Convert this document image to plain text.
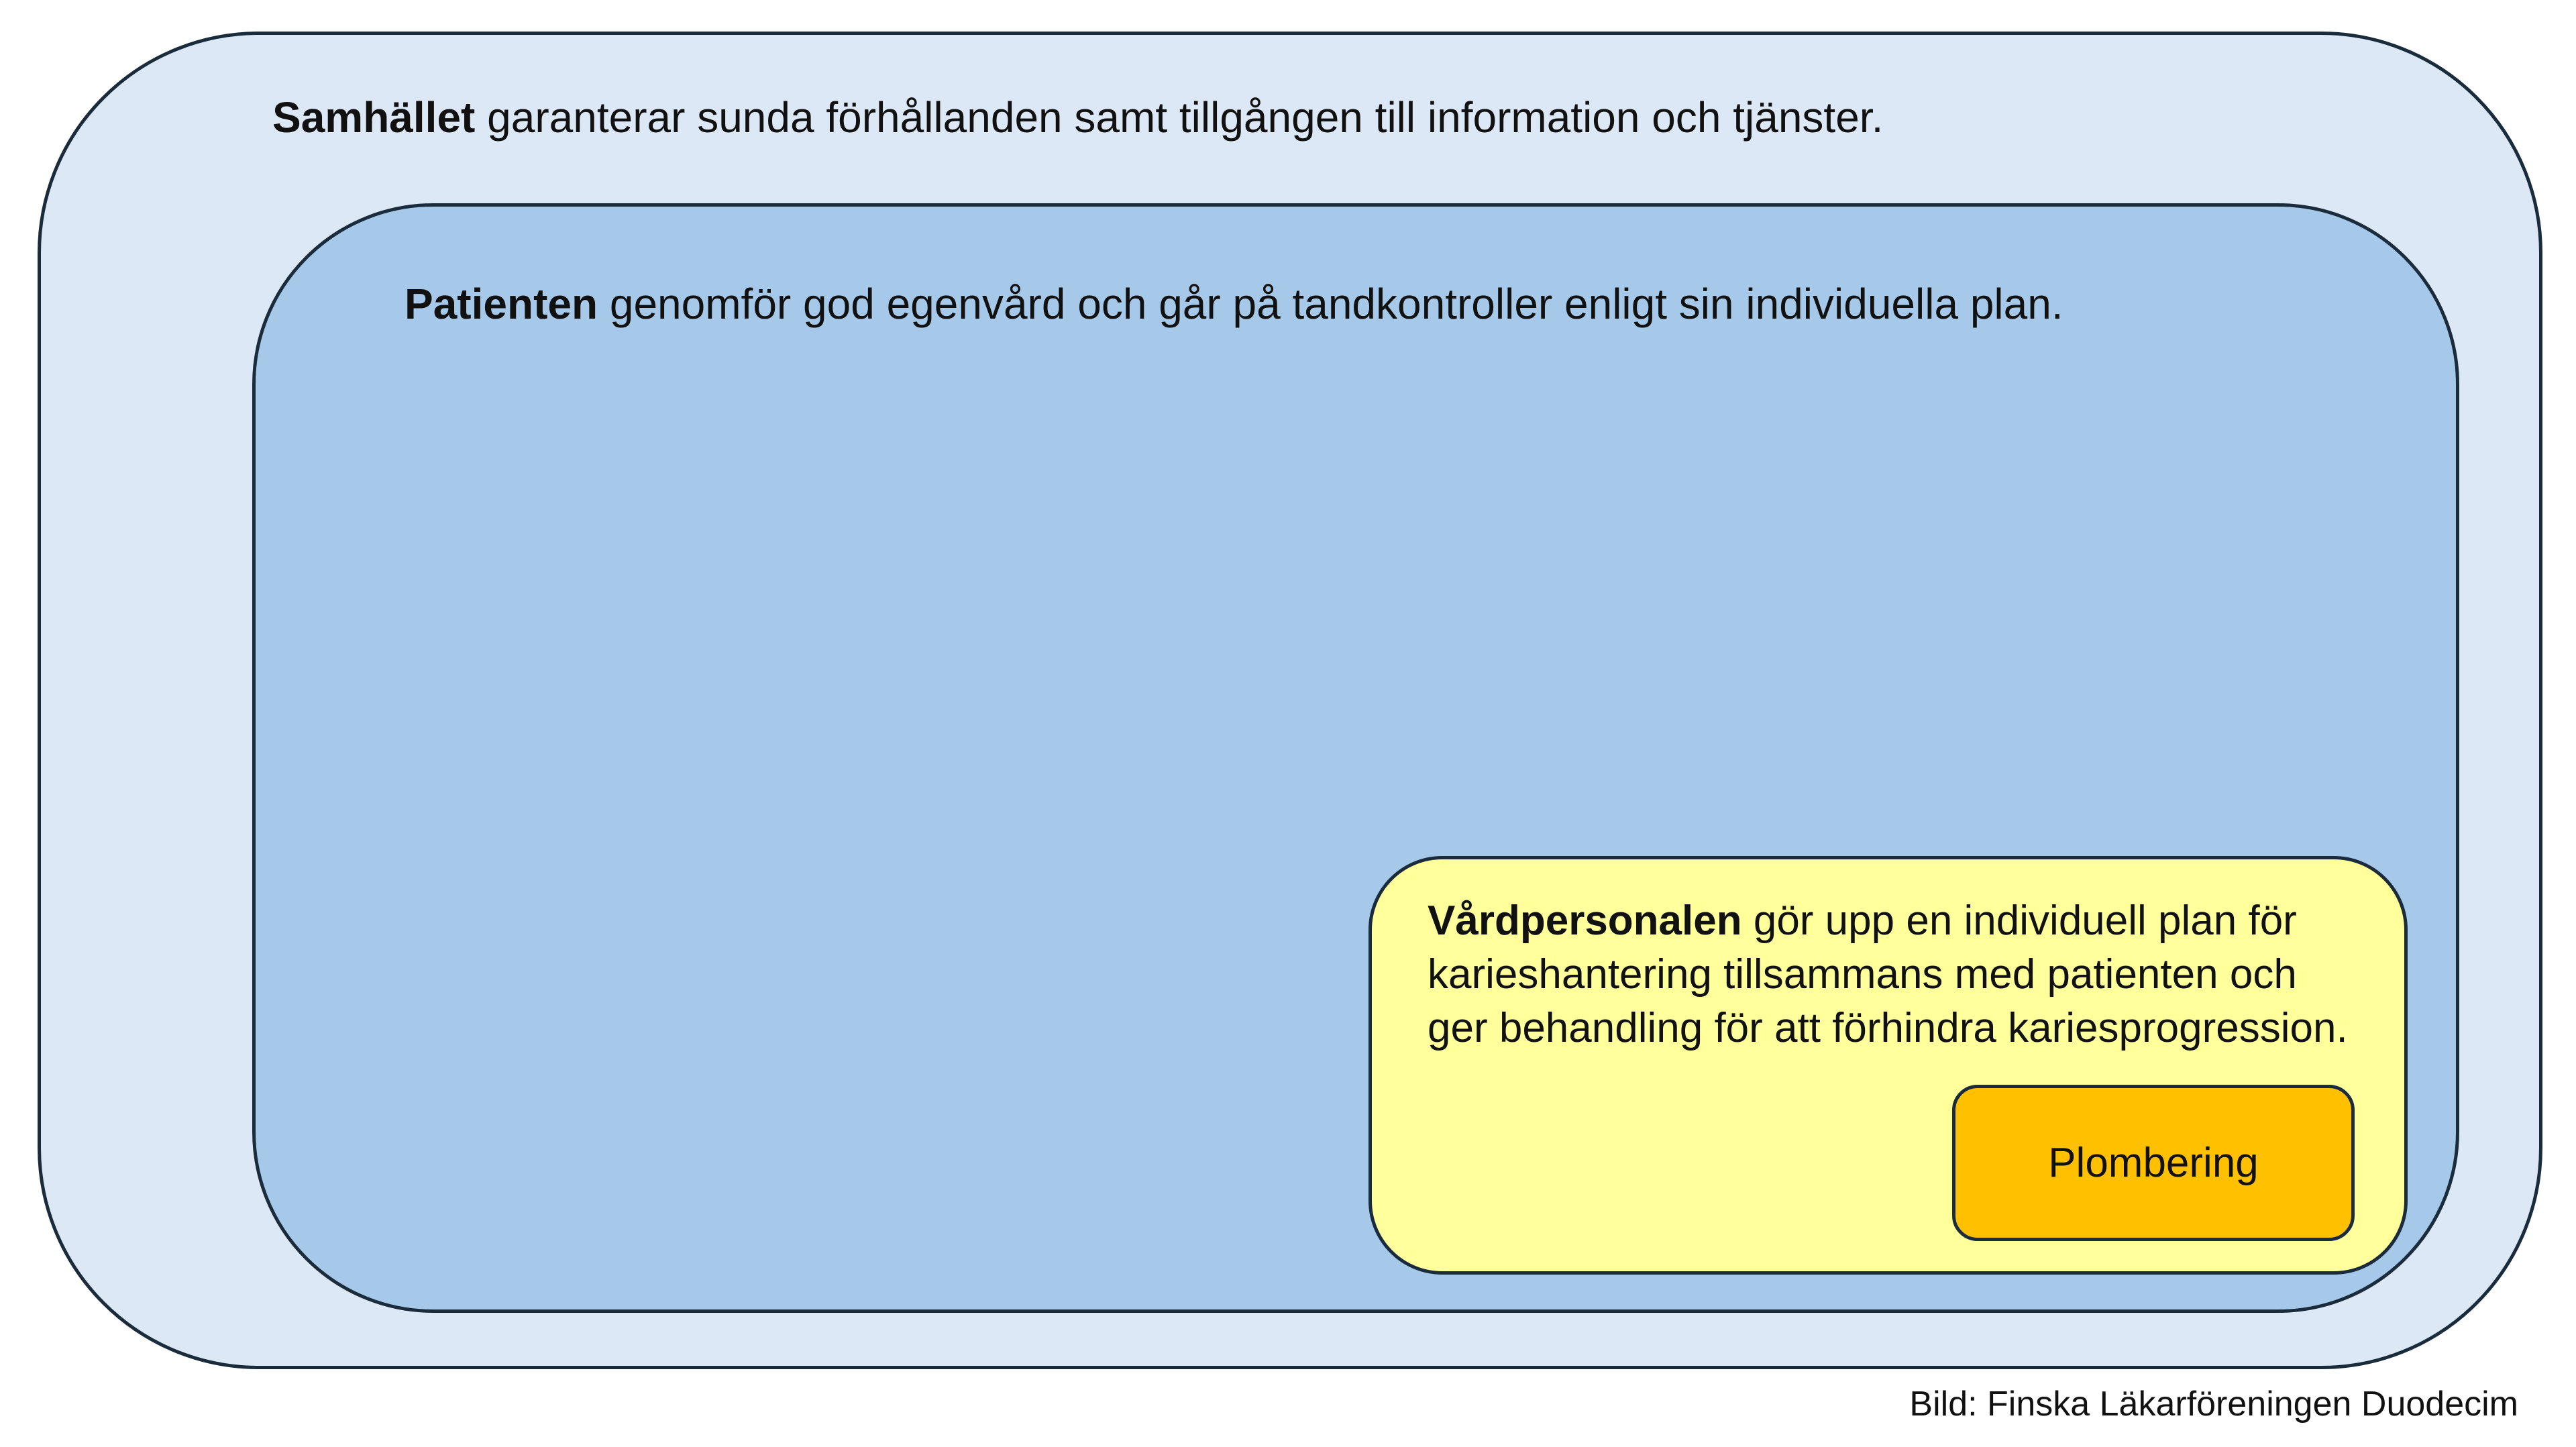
Samhället garanterar sunda förhållanden samt tillgången till information och tjänster.
Patienten genomför god egenvård och går på tandkontroller enligt sin individuella plan.
Vårdpersonalen gör upp en individuell plan för karieshantering tillsammans med patienten och ger behandling för att förhindra kariesprogression.
Plombering
Bild: Finska Läkarföreningen Duodecim
